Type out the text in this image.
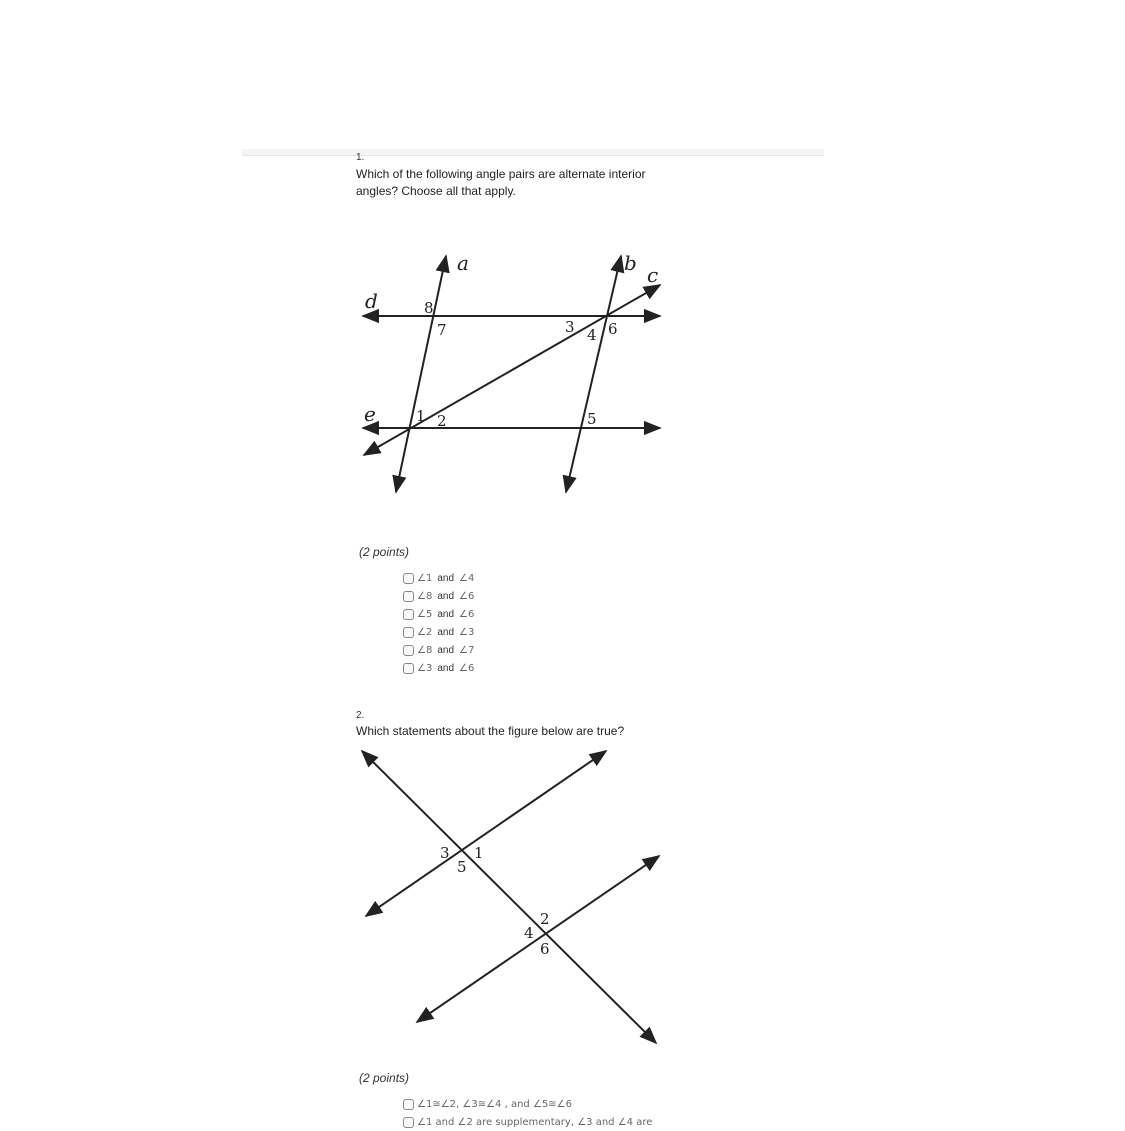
1.
Which of the following angle pairs are alternate interior angles? Choose all that apply.
a	b c
d
e	1 2
3 4
5
6
7
8
(2 points)
∠1 and ∠4
∠8 and ∠6
∠5 and ∠6
∠2 and ∠3
∠8 and ∠7
∠3 and ∠6
2.
Which statements about the figure below are true?
3 1
5
2
4
6
(2 points)
∠1≅∠2, ∠3≅∠4 , and ∠5≅∠6
∠1 and ∠2 are supplementary, ∠3 and ∠4 are
